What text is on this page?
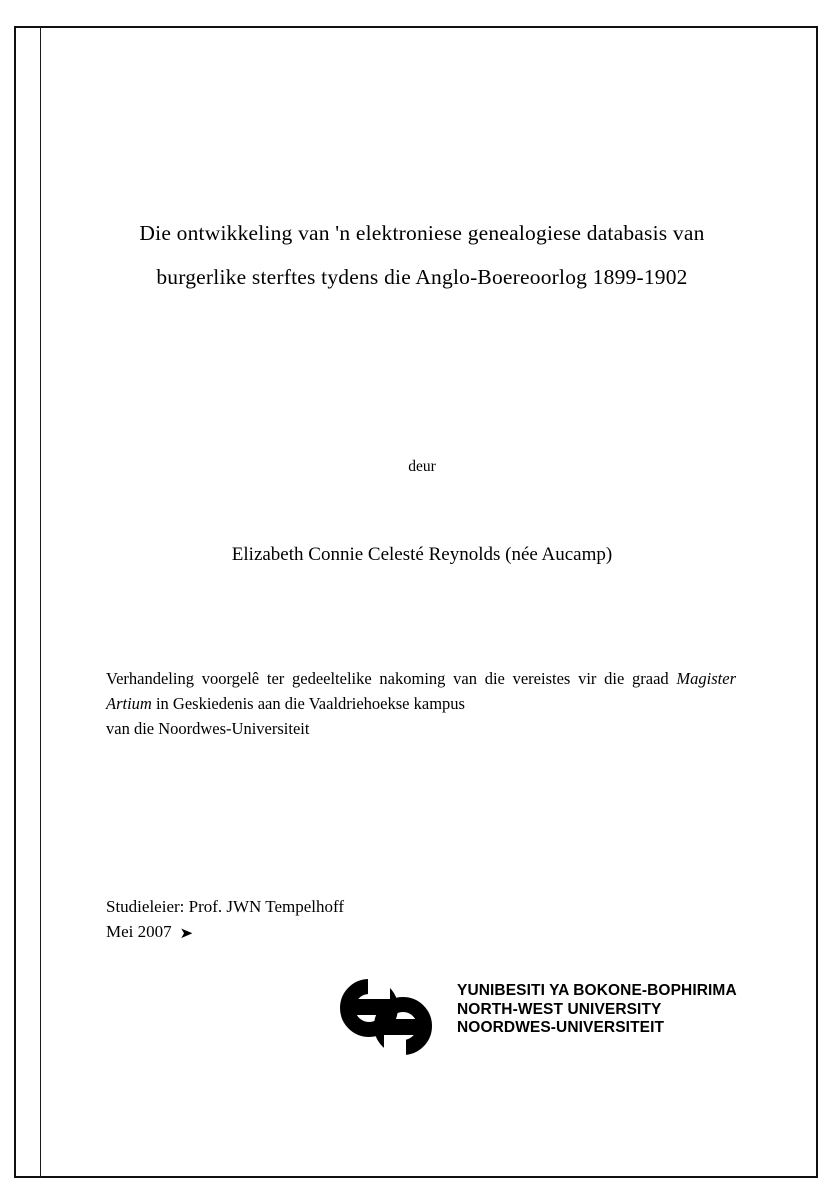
Die ontwikkeling van 'n elektroniese genealogiese databasis van
burgerlike sterftes tydens die Anglo-Boereoorlog 1899-1902
deur
Elizabeth Connie Celesté Reynolds (née Aucamp)
Verhandeling voorgelê ter gedeeltelike nakoming van die vereistes vir die graad Magister Artium in Geskiedenis aan die Vaaldriehoekse kampus
van die Noordwes-Universiteit
Studieleier: Prof. JWN Tempelhoff
Mei 2007 ➤
YUNIBESITI YA BOKONE-BOPHIRIMA
NORTH-WEST UNIVERSITY
NOORDWES-UNIVERSITEIT
